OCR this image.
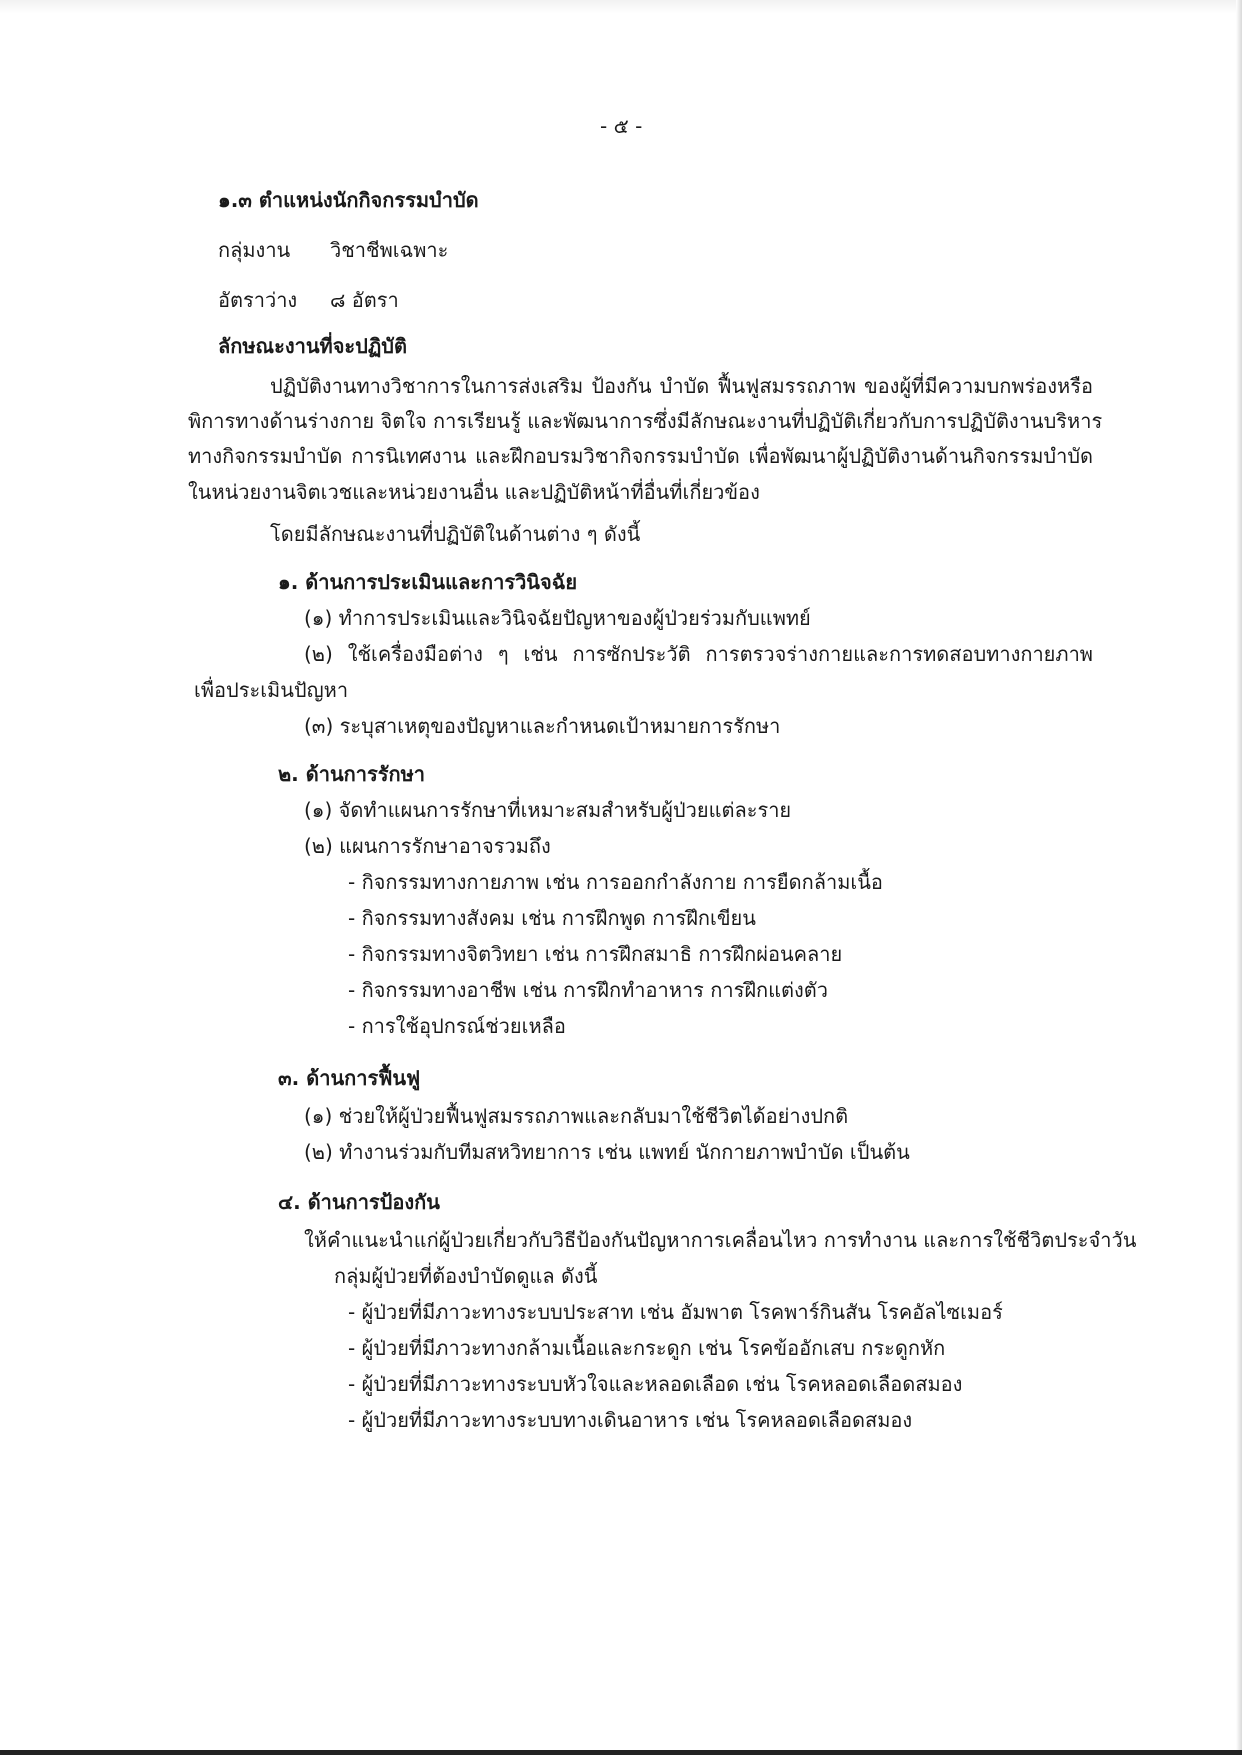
- ๕ -
๑.๓ ตำแหน่งนักกิจกรรมบำบัด
กลุ่มงาน วิชาชีพเฉพาะ
อัตราว่าง ๘ อัตรา
ลักษณะงานที่จะปฏิบัติ
ปฏิบัติงานทางวิชาการในการส่งเสริม ป้องกัน บำบัด ฟื้นฟูสมรรถภาพ ของผู้ที่มีความบกพร่องหรือ
พิการทางด้านร่างกาย จิตใจ การเรียนรู้ และพัฒนาการซึ่งมีลักษณะงานที่ปฏิบัติเกี่ยวกับการปฏิบัติงานบริหาร
ทางกิจกรรมบำบัด การนิเทศงาน และฝึกอบรมวิชากิจกรรมบำบัด เพื่อพัฒนาผู้ปฏิบัติงานด้านกิจกรรมบำบัด
ในหน่วยงานจิตเวชและหน่วยงานอื่น และปฏิบัติหน้าที่อื่นที่เกี่ยวข้อง
โดยมีลักษณะงานที่ปฏิบัติในด้านต่าง ๆ ดังนี้
๑. ด้านการประเมินและการวินิจฉัย
(๑) ทำการประเมินและวินิจฉัยปัญหาของผู้ป่วยร่วมกับแพทย์
(๒) ใช้เครื่องมือต่าง ๆ เช่น การซักประวัติ การตรวจร่างกายและการทดสอบทางกายภาพ
เพื่อประเมินปัญหา
(๓) ระบุสาเหตุของปัญหาและกำหนดเป้าหมายการรักษา
๒. ด้านการรักษา
(๑) จัดทำแผนการรักษาที่เหมาะสมสำหรับผู้ป่วยแต่ละราย
(๒) แผนการรักษาอาจรวมถึง
- กิจกรรมทางกายภาพ เช่น การออกกำลังกาย การยืดกล้ามเนื้อ
- กิจกรรมทางสังคม เช่น การฝึกพูด การฝึกเขียน
- กิจกรรมทางจิตวิทยา เช่น การฝึกสมาธิ การฝึกผ่อนคลาย
- กิจกรรมทางอาชีพ เช่น การฝึกทำอาหาร การฝึกแต่งตัว
- การใช้อุปกรณ์ช่วยเหลือ
๓. ด้านการฟื้นฟู
(๑) ช่วยให้ผู้ป่วยฟื้นฟูสมรรถภาพและกลับมาใช้ชีวิตได้อย่างปกติ
(๒) ทำงานร่วมกับทีมสหวิทยาการ เช่น แพทย์ นักกายภาพบำบัด เป็นต้น
๔. ด้านการป้องกัน
ให้คำแนะนำแก่ผู้ป่วยเกี่ยวกับวิธีป้องกันปัญหาการเคลื่อนไหว การทำงาน และการใช้ชีวิตประจำวัน
กลุ่มผู้ป่วยที่ต้องบำบัดดูแล ดังนี้
- ผู้ป่วยที่มีภาวะทางระบบประสาท เช่น อัมพาต โรคพาร์กินสัน โรคอัลไซเมอร์
- ผู้ป่วยที่มีภาวะทางกล้ามเนื้อและกระดูก เช่น โรคข้ออักเสบ กระดูกหัก
- ผู้ป่วยที่มีภาวะทางระบบหัวใจและหลอดเลือด เช่น โรคหลอดเลือดสมอง
- ผู้ป่วยที่มีภาวะทางระบบทางเดินอาหาร เช่น โรคหลอดเลือดสมอง
